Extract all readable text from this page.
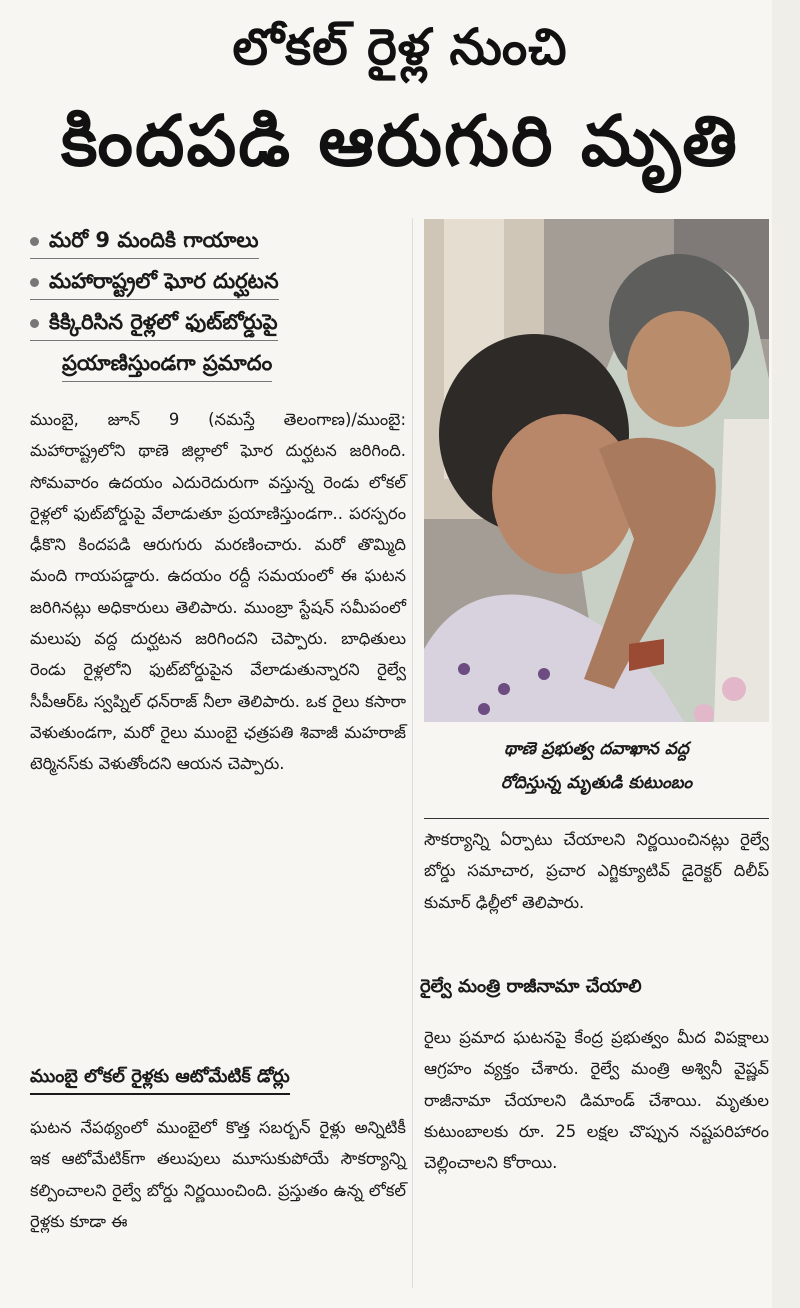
లోకల్ రైళ్ల నుంచి
కిందపడి ఆరుగురి మృతి
మరో 9 మందికి గాయాలు
మహారాష్ట్రలో ఘోర దుర్ఘటన
కిక్కిరిసిన రైళ్లలో ఫుట్‌బోర్డుపై
ప్రయాణిస్తుండగా ప్రమాదం

ముంబై, జూన్ 9 (నమస్తే తెలంగాణ)/ముంబై: మహారాష్ట్రలోని థాణె జిల్లాలో ఘోర దుర్ఘటన జరిగింది. సోమవారం ఉదయం ఎదురెదురుగా వస్తున్న రెండు లోకల్ రైళ్లలో ఫుట్‌బోర్డుపై వేలాడుతూ ప్రయాణిస్తుండగా.. పరస్పరం ఢీకొని కిందపడి ఆరుగురు మరణించారు. మరో తొమ్మిది మంది గాయపడ్డారు. ఉదయం రద్దీ సమయంలో ఈ ఘటన జరిగినట్లు అధికారులు తెలిపారు. ముంబ్రా స్టేషన్ సమీపంలో మలుపు వద్ద దుర్ఘటన జరిగిందని చెప్పారు. బాధితులు రెండు రైళ్లలోని ఫుట్‌బోర్డుపైన వేలాడుతున్నారని రైల్వే సీపీఆర్ఓ స్వప్నిల్ ధన్‌రాజ్ నీలా తెలిపారు. ఒక రైలు కసారా వెళుతుండగా, మరో రైలు ముంబై ఛత్రపతి శివాజీ మహరాజ్ టెర్మినస్‌కు వెళుతోందని ఆయన చెప్పారు.

ముంబై లోకల్ రైళ్లకు ఆటోమేటిక్ డోర్లు

ఘటన నేపథ్యంలో ముంబైలో కొత్త సబర్బన్ రైళ్లు అన్నిటికీ ఇక ఆటోమేటిక్‌గా తలుపులు మూసుకుపోయే సౌకర్యాన్ని కల్పించాలని రైల్వే బోర్డు నిర్ణయించింది. ప్రస్తుతం ఉన్న లోకల్ రైళ్లకు కూడా ఈ

థాణె ప్రభుత్వ దవాఖాన వద్ద
రోదిస్తున్న మృతుడి కుటుంబం

సౌకర్యాన్ని ఏర్పాటు చేయాలని నిర్ణయించినట్లు రైల్వే బోర్డు సమాచార, ప్రచార ఎగ్జిక్యూటివ్ డైరెక్టర్ దిలీప్ కుమార్ ఢిల్లీలో తెలిపారు.

రైల్వే మంత్రి రాజీనామా చేయాలి

రైలు ప్రమాద ఘటనపై కేంద్ర ప్రభుత్వం మీద విపక్షాలు ఆగ్రహం వ్యక్తం చేశారు. రైల్వే మంత్రి అశ్వినీ వైష్ణవ్ రాజీనామా చేయాలని డిమాండ్ చేశాయి. మృతుల కుటుంబాలకు రూ. 25 లక్షల చొప్పున నష్టపరిహారం చెల్లించాలని కోరాయి.
